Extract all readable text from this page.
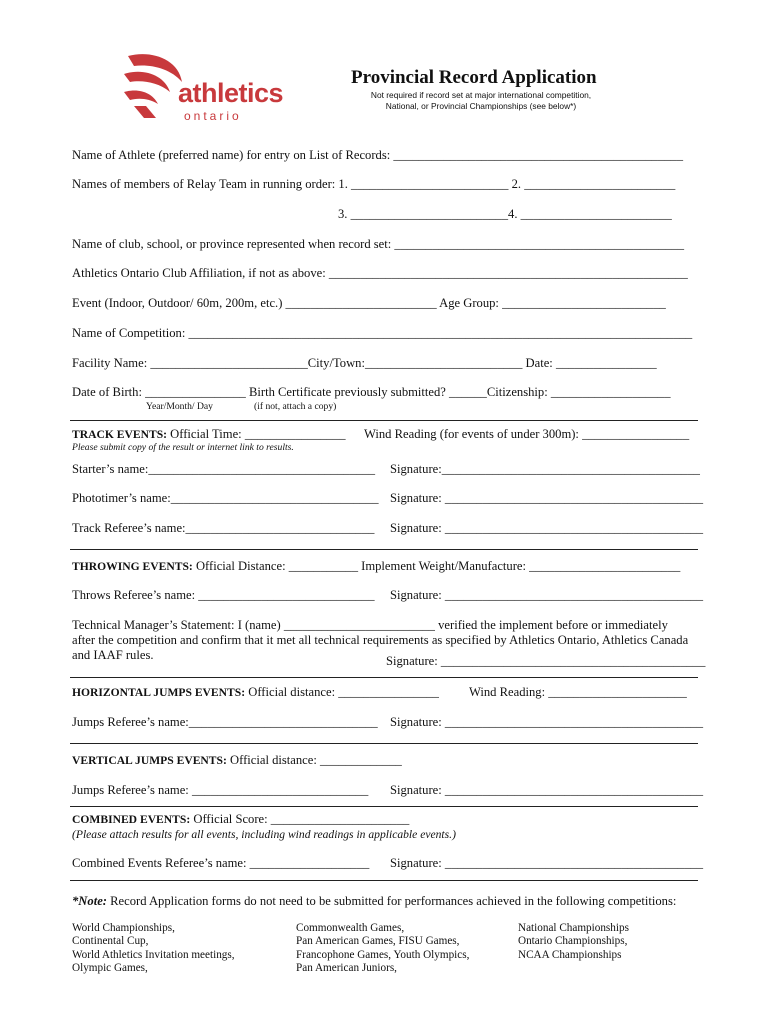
athletics
ontario
Provincial Record Application
Not required if record set at major international competition,
National, or Provincial Championships (see below*)
Name of Athlete (preferred name) for entry on List of Records: ______________________________________________
Names of members of Relay Team in running order: 1. _________________________ 2. ________________________
3. _________________________4. ________________________
Name of club, school, or province represented when record set: ______________________________________________
Athletics Ontario Club Affiliation, if not as above: _________________________________________________________
Event (Indoor, Outdoor/ 60m, 200m, etc.) ________________________ Age Group: __________________________
Name of Competition: ________________________________________________________________________________
Facility Name: _________________________City/Town:_________________________ Date: ________________
Date of Birth: ________________ Birth Certificate previously submitted? ______Citizenship: ___________________
Year/Month/ Day	(if not, attach a copy)
TRACK EVENTS: Official Time: ________________ Wind Reading (for events of under 300m): _________________
Please submit copy of the result or internet link to results.
Starter’s name:____________________________________ Signature:_________________________________________
Phototimer’s name:_________________________________ Signature: _________________________________________
Track Referee’s name:______________________________ Signature: _________________________________________
THROWING EVENTS: Official Distance: ___________ Implement Weight/Manufacture: ________________________
Throws Referee’s name: ____________________________ Signature: _________________________________________
Technical Manager’s Statement: I (name) ________________________ verified the implement before or immediately
after the competition and confirm that it met all technical requirements as specified by Athletics Ontario, Athletics Canada
and IAAF rules.	Signature: __________________________________________
HORIZONTAL JUMPS EVENTS: Official distance: ________________ Wind Reading: ______________________
Jumps Referee’s name:______________________________ Signature: _________________________________________
VERTICAL JUMPS EVENTS: Official distance: _____________
Jumps Referee’s name: ____________________________ Signature: _________________________________________
COMBINED EVENTS: Official Score: ______________________
(Please attach results for all events, including wind readings in applicable events.)
Combined Events Referee’s name: ___________________ Signature: _________________________________________
*Note: Record Application forms do not need to be submitted for performances achieved in the following competitions:
World Championships,
Continental Cup,
World Athletics Invitation meetings,
Olympic Games,
Commonwealth Games,
Pan American Games, FISU Games,
Francophone Games, Youth Olympics,
Pan American Juniors,
National Championships
Ontario Championships,
NCAA Championships
